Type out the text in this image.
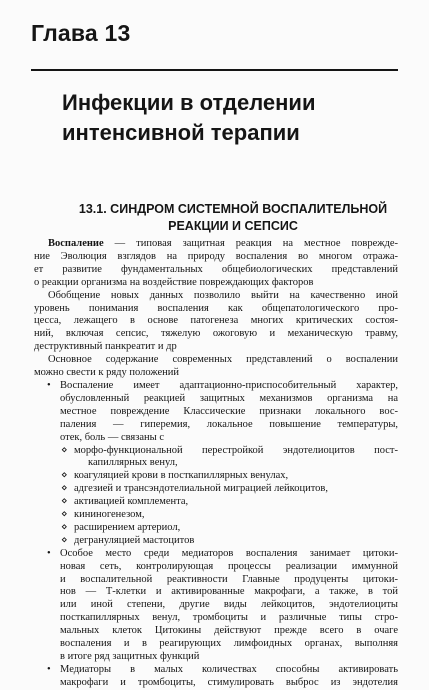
Глава 13
Инфекции в отделении
интенсивной терапии
13.1. СИНДРОМ СИСТЕМНОЙ ВОСПАЛИТЕЛЬНОЙ
РЕАКЦИИ И СЕПСИС
Воспаление — типовая защитная реакция на местное поврежде-
ние Эволюция взглядов на природу воспаления во многом отража-
ет развитие фундаментальных общебиологических представлений
о реакции организма на воздействие повреждающих факторов
Обобщение новых данных позволило выйти на качественно иной
уровень понимания воспаления как общепатологического про-
цесса, лежащего в основе патогенеза многих критических состоя-
ний, включая сепсис, тяжелую ожоговую и механическую травму,
деструктивный панкреатит и др
Основное содержание современных представлений о воспалении
можно свести к ряду положений
• Воспаление имеет адаптационно-приспособительный характер,
обусловленный реакцией защитных механизмов организма на
местное повреждение Классические признаки локального вос-
паления — гиперемия, локальное повышение температуры,
отек, боль — связаны с
⋄ морфо-функциональной перестройкой эндотелиоцитов пост-
капиллярных венул,
⋄ коагуляцией крови в посткапиллярных венулах,
⋄ адгезией и трансэндотелиальной миграцией лейкоцитов,
⋄ активацией комплемента,
⋄ кининогенезом,
⋄ расширением артериол,
⋄ дегрануляцией мастоцитов
• Особое место среди медиаторов воспаления занимает цитоки-
новая сеть, контролирующая процессы реализации иммунной
и воспалительной реактивности Главные продуценты цитоки-
нов — Т-клетки и активированные макрофаги, а также, в той
или иной степени, другие виды лейкоцитов, эндотелиоциты
посткапиллярных венул, тромбоциты и различные типы стро-
мальных клеток Цитокины действуют прежде всего в очаге
воспаления и в реагирующих лимфоидных органах, выполняя
в итоге ряд защитных функций
• Медиаторы в малых количествах способны активировать
макрофаги и тромбоциты, стимулировать выброс из эндотелия
